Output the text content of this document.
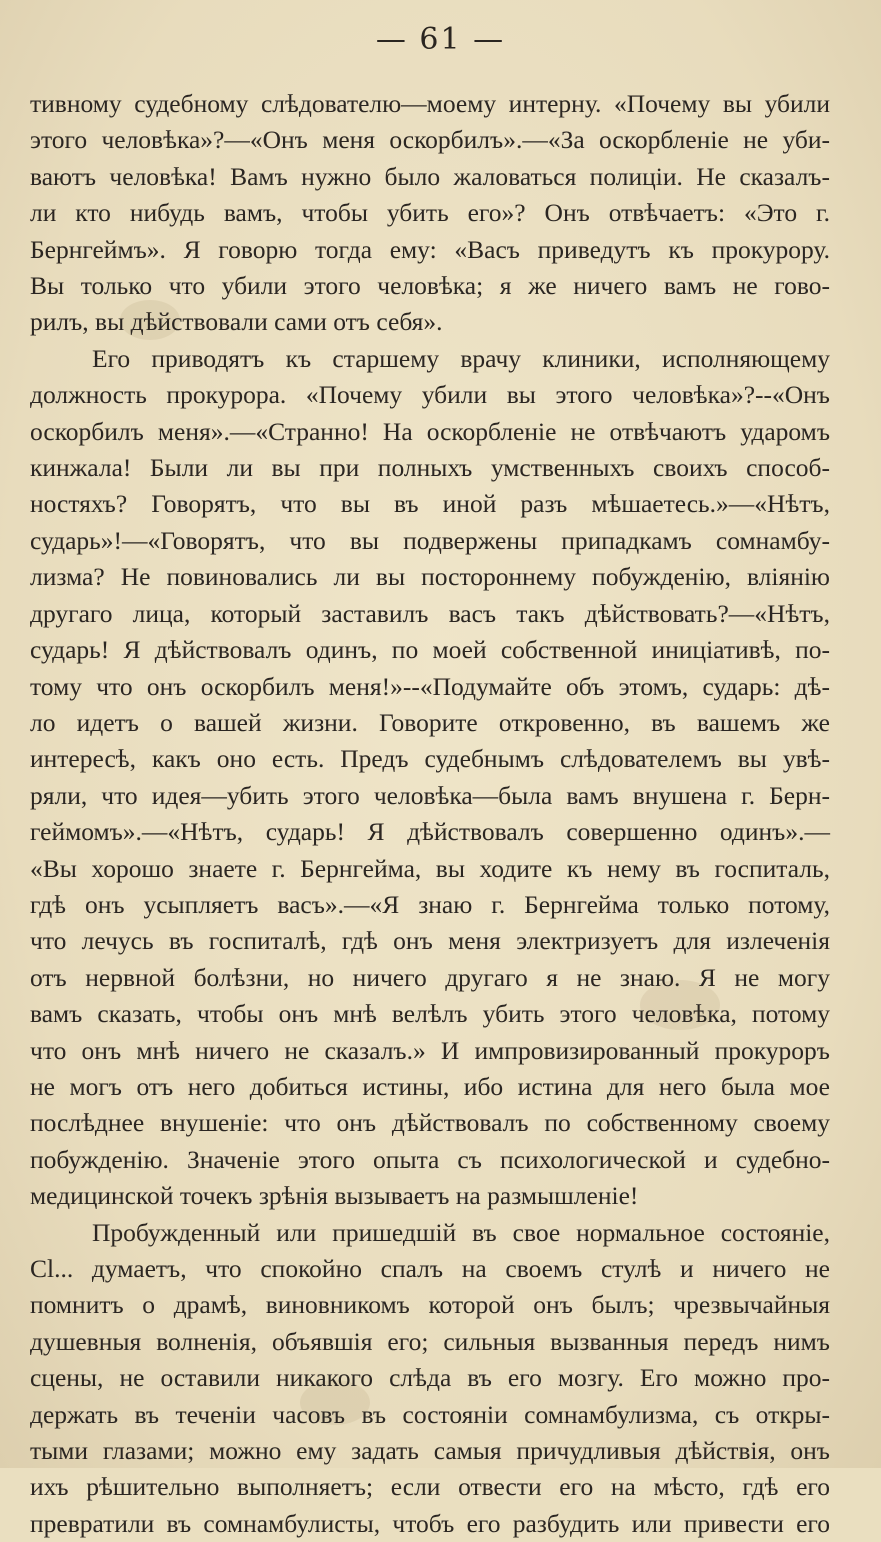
— 61 —
тивному судебному слѣдователю—моему интерну. «Почему вы убили
этого человѣка»?—«Онъ меня оскорбилъ».—«За оскорбленіе не уби-
ваютъ человѣка! Вамъ нужно было жаловаться полиціи. Не сказалъ-
ли кто нибудь вамъ, чтобы убить его»? Онъ отвѣчаетъ: «Это г.
Бернгеймъ». Я говорю тогда ему: «Васъ приведутъ къ прокурору.
Вы только что убили этого человѣка; я же ничего вамъ не гово-
рилъ, вы дѣйствовали сами отъ себя».
Его приводятъ къ старшему врачу клиники, исполняющему
должность прокурора. «Почему убили вы этого человѣка»?--«Онъ
оскорбилъ меня».—«Странно! На оскорбленіе не отвѣчаютъ ударомъ
кинжала! Были ли вы при полныхъ умственныхъ своихъ способ-
ностяхъ? Говорятъ, что вы въ иной разъ мѣшаетесь.»—«Нѣтъ,
сударь»!—«Говорятъ, что вы подвержены припадкамъ сомнамбу-
лизма? Не повиновались ли вы постороннему побужденію, вліянію
другаго лица, который заставилъ васъ такъ дѣйствовать?—«Нѣтъ,
сударь! Я дѣйствовалъ одинъ, по моей собственной иниціативѣ, по-
тому что онъ оскорбилъ меня!»--«Подумайте объ этомъ, сударь: дѣ-
ло идетъ о вашей жизни. Говорите откровенно, въ вашемъ же
интересѣ, какъ оно есть. Предъ судебнымъ слѣдователемъ вы увѣ-
ряли, что идея—убить этого человѣка—была вамъ внушена г. Берн-
геймомъ».—«Нѣтъ, сударь! Я дѣйствовалъ совершенно одинъ».—
«Вы хорошо знаете г. Бернгейма, вы ходите къ нему въ госпиталь,
гдѣ онъ усыпляетъ васъ».—«Я знаю г. Бернгейма только потому,
что лечусь въ госпиталѣ, гдѣ онъ меня электризуетъ для излеченія
отъ нервной болѣзни, но ничего другаго я не знаю. Я не могу
вамъ сказать, чтобы онъ мнѣ велѣлъ убить этого человѣка, потому
что онъ мнѣ ничего не сказалъ.» И импровизированный прокуроръ
не могъ отъ него добиться истины, ибо истина для него была мое
послѣднее внушеніе: что онъ дѣйствовалъ по собственному своему
побужденію. Значеніе этого опыта съ психологической и судебно-
медицинской точекъ зрѣнія вызываетъ на размышленіе!
Пробужденный или пришедшій въ свое нормальное состояніе,
Cl... думаетъ, что спокойно спалъ на своемъ стулѣ и ничего не
помнитъ о драмѣ, виновникомъ которой онъ былъ; чрезвычайныя
душевныя волненія, объявшія его; сильныя вызванныя передъ нимъ
сцены, не оставили никакого слѣда въ его мозгу. Его можно про-
держать въ теченіи часовъ въ состояніи сомнамбулизма, съ откры-
тыми глазами; можно ему задать самыя причудливыя дѣйствія, онъ
ихъ рѣшительно выполняетъ; если отвести его на мѣсто, гдѣ его
превратили въ сомнамбулисты, чтобъ его разбудить или привести его
